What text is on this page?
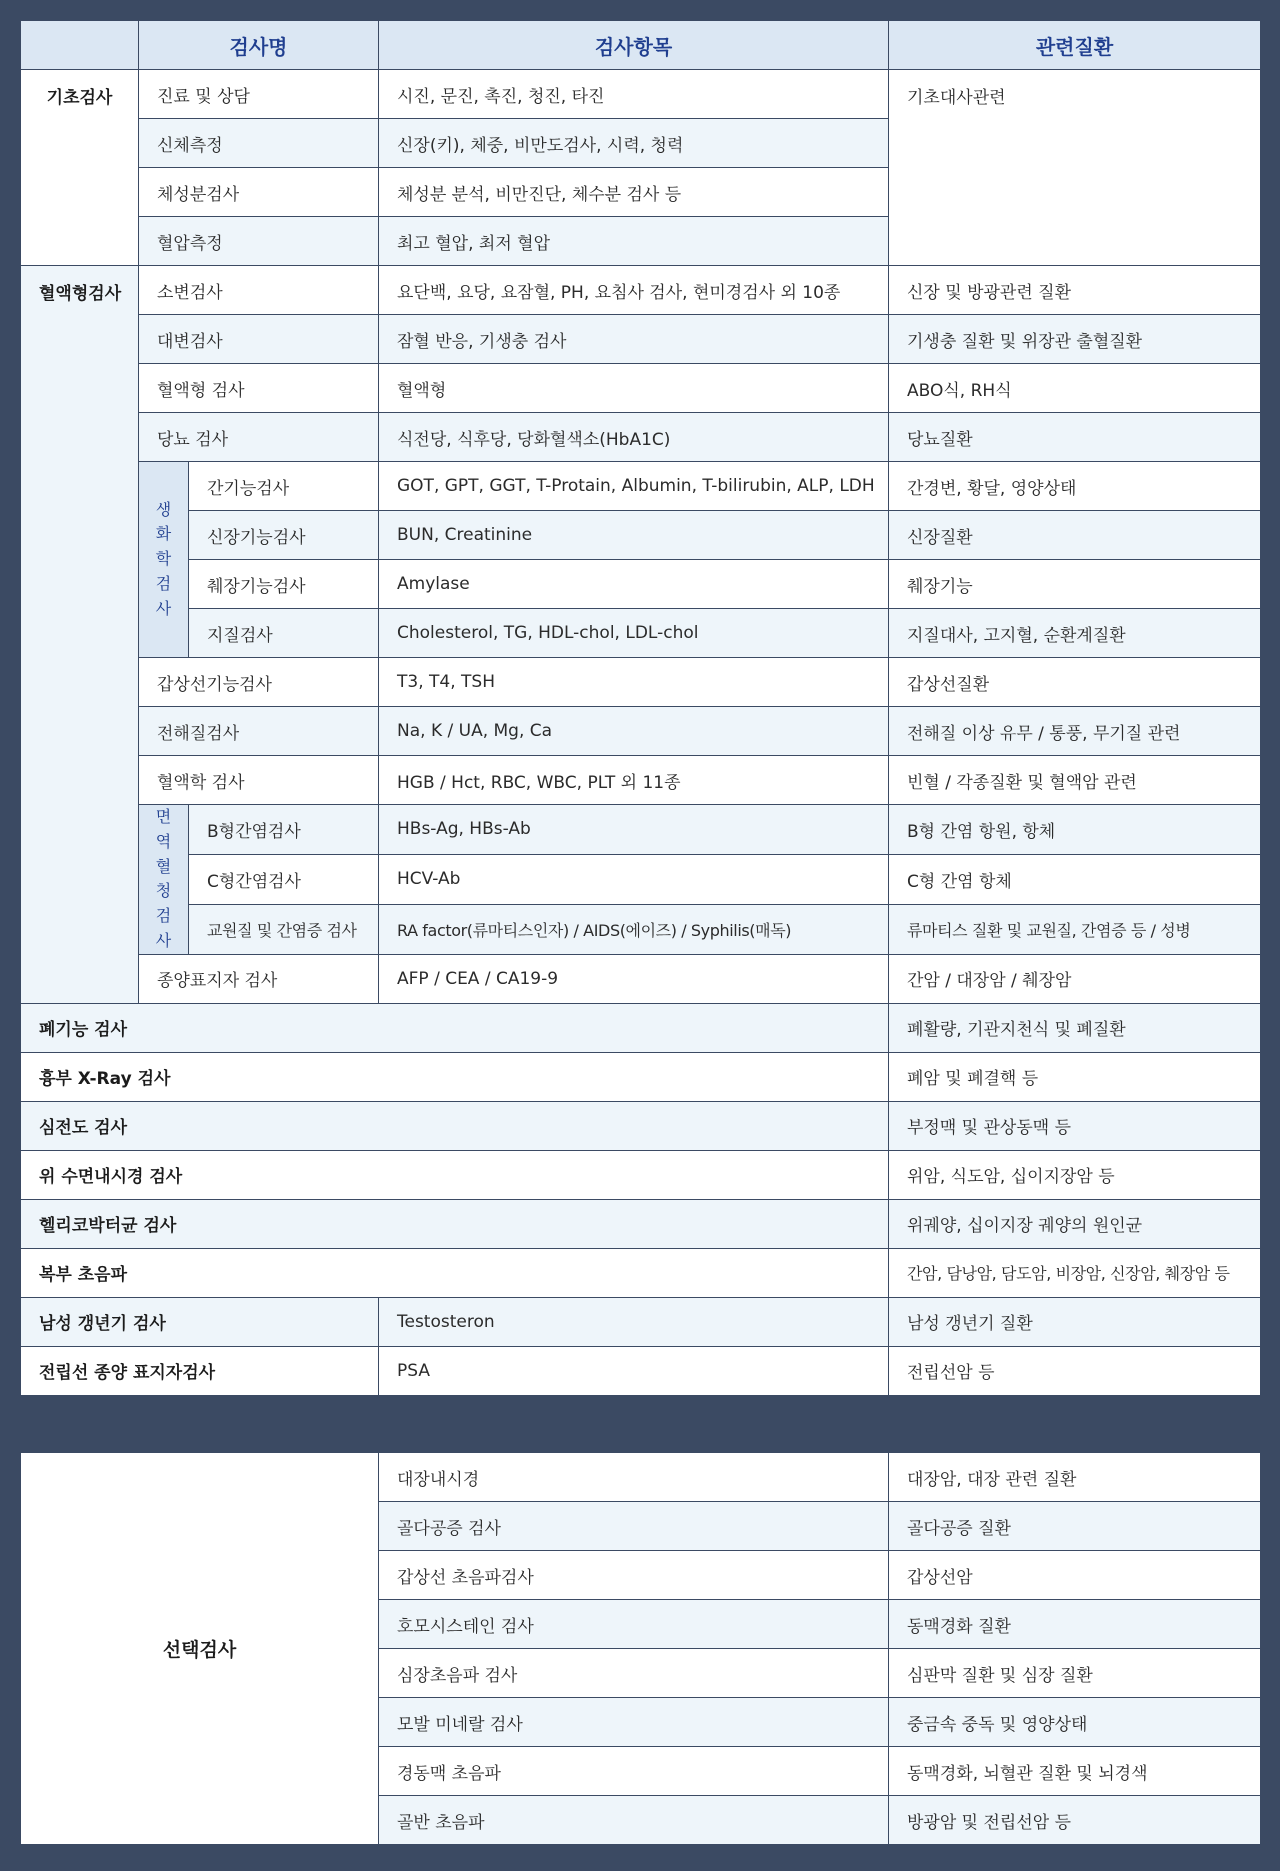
	검사명		검사항목	관련질환
기초검사	진료 및 상담		시진, 문진, 촉진, 청진, 타진	기초대사관련
	신체측정		신장(키), 체중, 비만도검사, 시력, 청력	
	체성분검사		체성분 분석, 비만진단, 체수분 검사 등	
	혈압측정		최고 혈압, 최저 혈압	
혈액형검사	소변검사		요단백, 요당, 요잠혈, PH, 요침사 검사, 현미경검사 외 10종	신장 및 방광관련 질환
	대변검사		잠혈 반응, 기생충 검사	기생충 질환 및 위장관 출혈질환
	혈액형 검사		혈액형	ABO식, RH식
	당뇨 검사		식전당, 식후당, 당화혈색소(HbA1C)	당뇨질환
	생화학검사	간기능검사	GOT, GPT, GGT, T-Protain, Albumin, T-bilirubin, ALP, LDH	간경변, 황달, 영양상태
		신장기능검사	BUN, Creatinine	신장질환
		췌장기능검사	Amylase	췌장기능
		지질검사	Cholesterol, TG, HDL-chol, LDL-chol	지질대사, 고지혈, 순환계질환
	갑상선기능검사		T3, T4, TSH	갑상선질환
	전해질검사		Na, K / UA, Mg, Ca	전해질 이상 유무 / 통풍, 무기질 관련
	혈액학 검사		HGB / Hct, RBC, WBC, PLT 외 11종	빈혈 / 각종질환 및 혈액암 관련
	면역혈청검사	B형간염검사	HBs-Ag, HBs-Ab	B형 간염 항원, 항체
		C형간염검사	HCV-Ab	C형 간염 항체
		교원질 및 간염증 검사	RA factor(류마티스인자) / AIDS(에이즈) / Syphilis(매독)	류마티스 질환 및 교원질, 간염증 등 / 성병
	종양표지자 검사		AFP / CEA / CA19-9	간암 / 대장암 / 췌장암
폐기능 검사				폐활량, 기관지천식 및 폐질환
흉부 X-Ray 검사				폐암 및 폐결핵 등
심전도 검사				부정맥 및 관상동맥 등
위 수면내시경 검사				위암, 식도암, 십이지장암 등
헬리코박터균 검사				위궤양, 십이지장 궤양의 원인균
복부 초음파				간암, 담낭암, 담도암, 비장암, 신장암, 췌장암 등
남성 갱년기 검사			Testosteron	남성 갱년기 질환
전립선 종양 표지자검사			PSA	전립선암 등
선택검사	대장내시경	대장암, 대장 관련 질환
	골다공증 검사	골다공증 질환
	갑상선 초음파검사	갑상선암
	호모시스테인 검사	동맥경화 질환
	심장초음파 검사	심판막 질환 및 심장 질환
	모발 미네랄 검사	중금속 중독 및 영양상태
	경동맥 초음파	동맥경화, 뇌혈관 질환 및 뇌경색
	골반 초음파	방광암 및 전립선암 등
